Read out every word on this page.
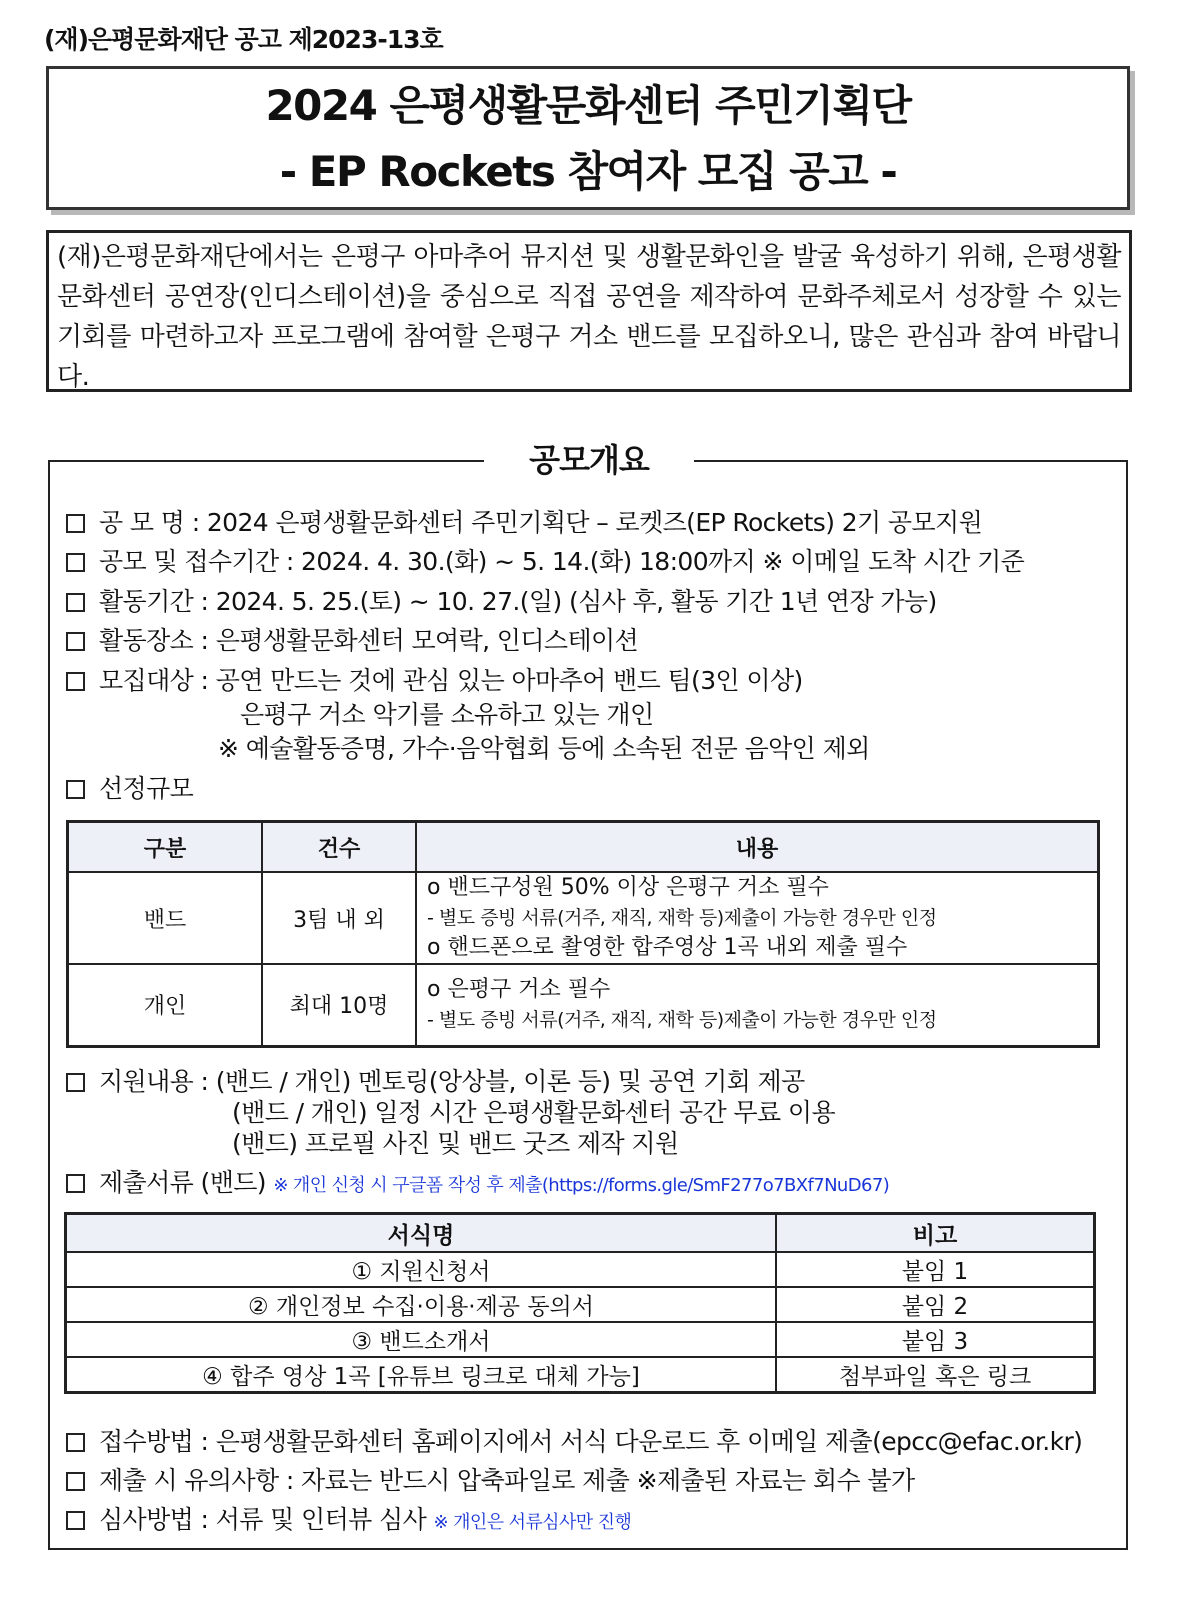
(재)은평문화재단 공고 제2023-13호
2024 은평생활문화센터 주민기획단
- EP Rockets 참여자 모집 공고 -
(재)은평문화재단에서는 은평구 아마추어 뮤지션 및 생활문화인을 발굴 육성하기 위해, 은평생활문화센터 공연장(인디스테이션)을 중심으로 직접 공연을 제작하여 문화주체로서 성장할 수 있는 기회를 마련하고자 프로그램에 참여할 은평구 거소 밴드를 모집하오니, 많은 관심과 참여 바랍니다.
공모개요
공 모 명 : 2024 은평생활문화센터 주민기획단 – 로켓즈(EP Rockets) 2기 공모지원
공모 및 접수기간 : 2024. 4. 30.(화) ~ 5. 14.(화) 18:00까지 ※ 이메일 도착 시간 기준
활동기간 : 2024. 5. 25.(토) ~ 10. 27.(일) (심사 후, 활동 기간 1년 연장 가능)
활동장소 : 은평생활문화센터 모여락, 인디스테이션
모집대상 : 공연 만드는 것에 관심 있는 아마추어 밴드 팀(3인 이상)
은평구 거소 악기를 소유하고 있는 개인
※ 예술활동증명, 가수·음악협회 등에 소속된 전문 음악인 제외
선정규모
구분	건수	내용
밴드	3팀 내 외	o 밴드구성원 50% 이상 은평구 거소 필수
- 별도 증빙 서류(거주, 재직, 재학 등)제출이 가능한 경우만 인정
o 핸드폰으로 촬영한 합주영상 1곡 내외 제출 필수

개인	최대 10명	o 은평구 거소 필수
- 별도 증빙 서류(거주, 재직, 재학 등)제출이 가능한 경우만 인정
지원내용 : (밴드 / 개인) 멘토링(앙상블, 이론 등) 및 공연 기회 제공
(밴드 / 개인) 일정 시간 은평생활문화센터 공간 무료 이용
(밴드) 프로필 사진 및 밴드 굿즈 제작 지원
제출서류 (밴드) ※ 개인 신청 시 구글폼 작성 후 제출(https://forms.gle/SmF277o7BXf7NuD67)
서식명	비고
① 지원신청서	붙임 1
② 개인정보 수집·이용·제공 동의서	붙임 2
③ 밴드소개서	붙임 3
④ 합주 영상 1곡 [유튜브 링크로 대체 가능]	첨부파일 혹은 링크
접수방법 : 은평생활문화센터 홈페이지에서 서식 다운로드 후 이메일 제출(epcc@efac.or.kr)
제출 시 유의사항 : 자료는 반드시 압축파일로 제출 ※제출된 자료는 회수 불가
심사방법 : 서류 및 인터뷰 심사 ※ 개인은 서류심사만 진행
